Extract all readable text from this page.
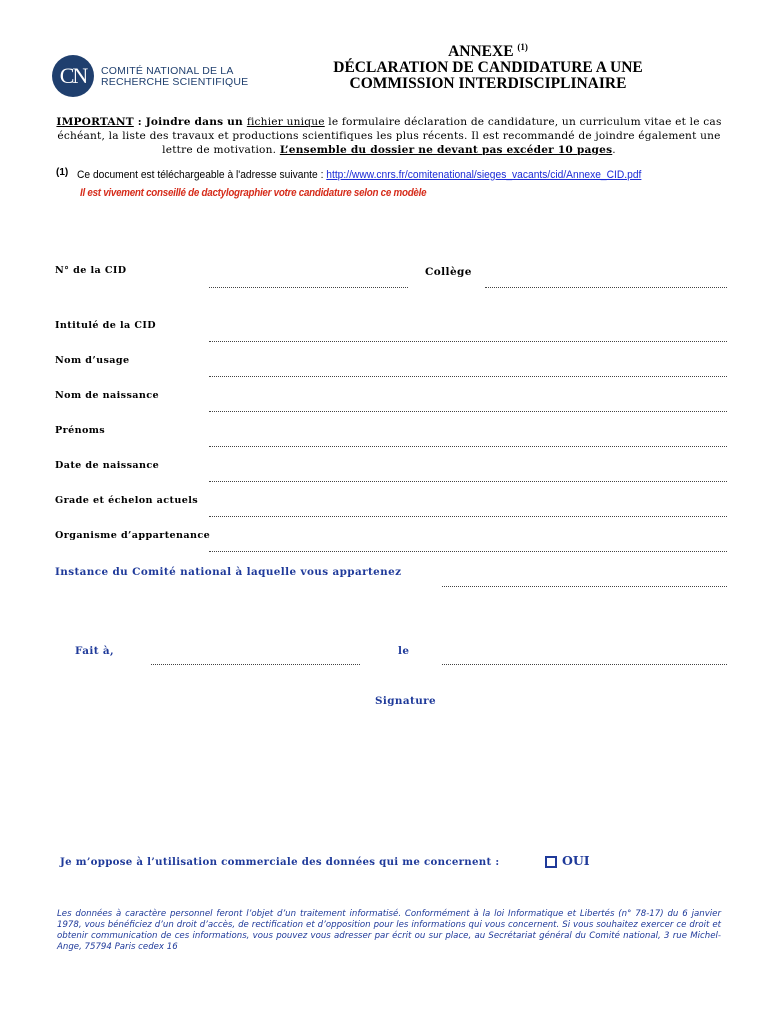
CN	COMITÉ NATIONAL DE LA
RECHERCHE SCIENTIFIQUE
ANNEXE $^{(1)}$
DÉCLARATION DE CANDIDATURE A UNE
COMMISSION INTERDISCIPLINAIRE
IMPORTANT : Joindre dans un fichier unique le formulaire déclaration de candidature, un curriculum vitae et le cas échéant, la liste des travaux et productions scientifiques les plus récents. Il est recommandé de joindre également une lettre de motivation. L’ensemble du dossier ne devant pas excéder 10 pages.
(1) Ce document est téléchargeable à l'adresse suivante : http://www.cnrs.fr/comitenational/sieges_vacants/cid/Annexe_CID.pdf
Il est vivement conseillé de dactylographier votre candidature selon ce modèle
N° de la CID	Collège
Intitulé de la CID
Nom d’usage
Nom de naissance
Prénoms
Date de naissance
Grade et échelon actuels
Organisme d’appartenance
Instance du Comité national à laquelle vous appartenez
Fait à,	le
Signature
Je m’oppose à l’utilisation commerciale des données qui me concernent :	OUI
Les données à caractère personnel feront l’objet d’un traitement informatisé. Conformément à la loi Informatique et Libertés (n° 78-17) du 6 janvier 1978, vous bénéficiez d’un droit d’accès, de rectification et d’opposition pour les informations qui vous concernent. Si vous souhaitez exercer ce droit et obtenir communication de ces informations, vous pouvez vous adresser par écrit ou sur place, au Secrétariat général du Comité national, 3 rue Michel-Ange, 75794 Paris cedex 16
